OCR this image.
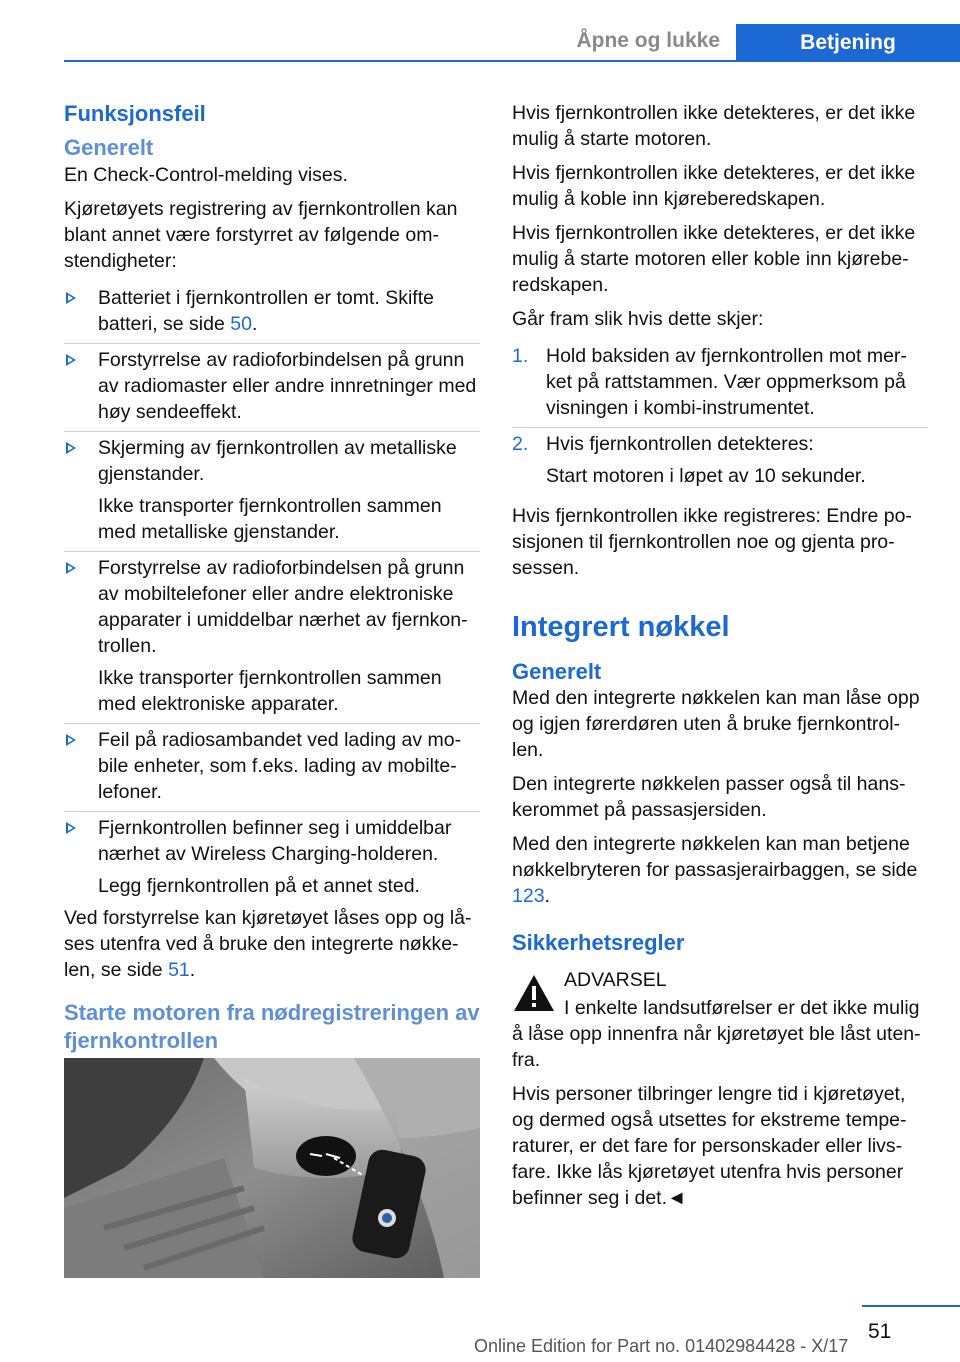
Åpne og lukke	Betjening
Funksjonsfeil
Generelt

En Check-Control-melding vises.

Kjøretøyets registrering av fjernkontrollen kan blant annet være forstyrret av følgende om-stendigheter:

Batteriet i fjernkontrollen er tomt. Skifte batteri, se side 50.
Forstyrrelse av radioforbindelsen på grunn av radiomaster eller andre innretninger med høy sendeeffekt.
Skjerming av fjernkontrollen av metalliske gjenstander.
Ikke transporter fjernkontrollen sammen med metalliske gjenstander.
Forstyrrelse av radioforbindelsen på grunn av mobiltelefoner eller andre elektroniske apparater i umiddelbar nærhet av fjernkon-trollen.
Ikke transporter fjernkontrollen sammen med elektroniske apparater.
Feil på radiosambandet ved lading av mo-bile enheter, som f.eks. lading av mobilte-lefoner.
Fjernkontrollen befinner seg i umiddelbar nærhet av Wireless Charging-holderen.
Legg fjernkontrollen på et annet sted.

Ved forstyrrelse kan kjøretøyet låses opp og lå-ses utenfra ved å bruke den integrerte nøkke-len, se side 51.

Starte motoren fra nødregistreringen av fjernkontrollen

Hvis fjernkontrollen ikke detekteres, er det ikke mulig å starte motoren.

Hvis fjernkontrollen ikke detekteres, er det ikke mulig å koble inn kjøreberedskapen.

Hvis fjernkontrollen ikke detekteres, er det ikke mulig å starte motoren eller koble inn kjørebe-redskapen.

Går fram slik hvis dette skjer:

1. Hold baksiden av fjernkontrollen mot mer-ket på rattstammen. Vær oppmerksom på visningen i kombi-instrumentet.
2. Hvis fjernkontrollen detekteres:
Start motoren i løpet av 10 sekunder.

Hvis fjernkontrollen ikke registreres: Endre po-sisjonen til fjernkontrollen noe og gjenta pro-sessen.

Integrert nøkkel
Generelt

Med den integrerte nøkkelen kan man låse opp og igjen førerdøren uten å bruke fjernkontrol-len.

Den integrerte nøkkelen passer også til hans-kerommet på passasjersiden.

Med den integrerte nøkkelen kan man betjene nøkkelbryteren for passasjerairbaggen, se side 123.

Sikkerhetsregler
ADVARSEL

I enkelte landsutførelser er det ikke mulig å låse opp innenfra når kjøretøyet ble låst uten-fra.

Hvis personer tilbringer lengre tid i kjøretøyet, og dermed også utsettes for ekstreme tempe-raturer, er det fare for personskader eller livs-fare. Ikke lås kjøretøyet utenfra hvis personer befinner seg i det.◄

51
Online Edition for Part no. 01402984428 - X/17
